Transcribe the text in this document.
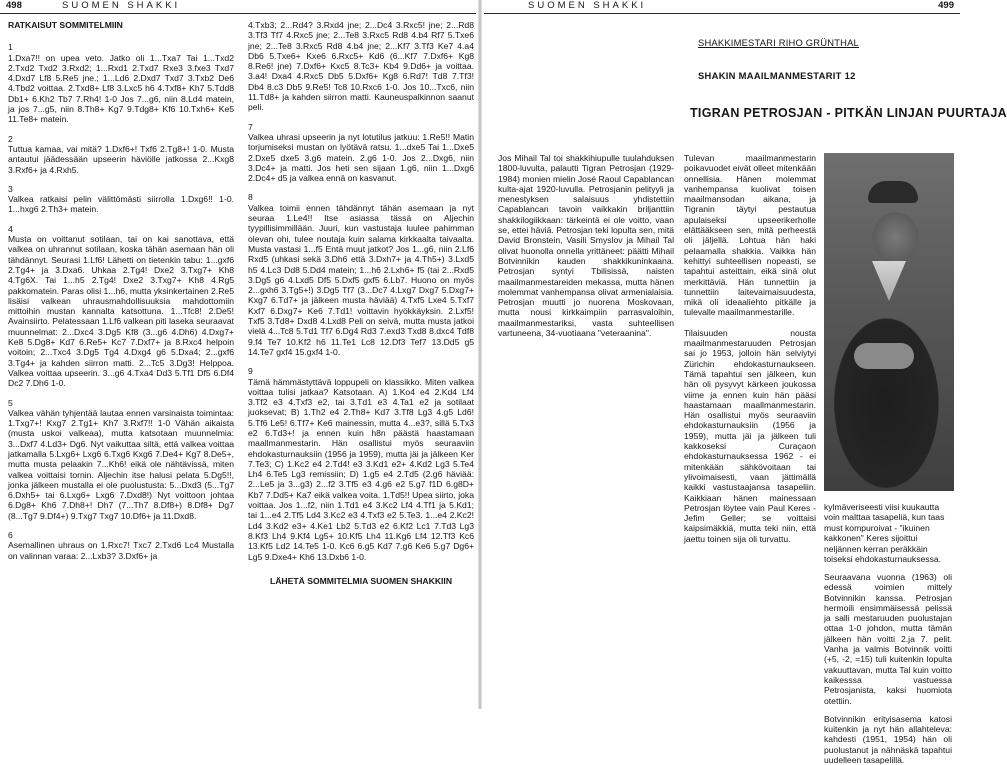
498	SUOMEN SHAKKI

RATKAISUT SOMMITELMIIN

1

1.Dxa7!! on upea veto. Jatko oli 1...Txa7 Tai 1...Txd2 2.Txd2 Txd2 3.Rxd2; 1...Rxd1 2.Txd7 Rxe3 3.fxe3 Txd7 4.Dxd7 Lf8 5.Re5 jne.; 1...Ld6 2.Dxd7 Txd7 3.Txb2 De6 4.Tbd2 voittaa. 2.Txd8+ Lf8 3.Lxc5 h6 4.Txf8+ Kh7 5.Tdd8 Db1+ 6.Kh2 Tb7 7.Rh4! 1-0 Jos 7...g6, niin 8.Ld4 matein, ja jos 7...g5, niin 8.Th8+ Kg7 9.Tdg8+ Kf6 10.Txh6+ Ke5 11.Te8+ matein.

2

Tuttua kamaa, vai mitä? 1.Dxf6+! Txf6 2.Tg8+! 1-0. Musta antautui jäädessään upseerin häviölle jatkossa 2...Kxg8 3.Rxf6+ ja 4.Rxh5.

3

Valkea ratkaisi pelin välittömästi siirrolla 1.Dxg6!! 1-0. 1...hxg6 2.Th3+ matein.

4

Musta on voittanut sotilaan, tai on kai sanottava, että valkea on uhrannut sotilaan, koska tähän asemaan hän oli tähdännyt. Seurasi 1.Lf6! Lähetti on tietenkin tabu: 1...gxf6 2.Tg4+ ja 3.Dxa6. Uhkaa 2.Tg4! Dxe2 3.Txg7+ Kh8 4.Tg6X. Tai 1...h5 2.Tg4! Dxe2 3.Txg7+ Kh8 4.Rg5 pakkomatein. Paras olisi 1...h6, mutta yksinkertainen 2.Re5 lisäisi valkean uhrausmahdollisuuksia mahdottomiin mittoihin mustan kannalta katsottuna. 1...Tfc8! 2.De5! Avainsiirto. Pelatessaan 1.Lf6 valkean piti laseka seuraavat muunnelmat: 2...Dxc4 3.Dg5 Kf8 (3...g6 4.Dh6) 4.Dxg7+ Ke8 5.Dg8+ Kd7 6.Re5+ Kc7 7.Dxf7+ ja 8.Rxc4 helpoin voitoin; 2...Txc4 3.Dg5 Tg4 4.Dxg4 g6 5.Dxa4; 2...gxf6 3.Tg4+ ja kahden siirron matti. 2...Tc5 3.Dg3! Helppoa. Valkea voittaa upseerin. 3...g6 4.Txa4 Dd3 5.Tf1 Df5 6.Df4 Dc2 7.Dh6 1-0.

5

Valkea vähän tyhjentää lautaa ennen varsinaista toimintaa: 1.Txg7+! Kxg7 2.Tg1+ Kh7 3.Rxf7!! 1-0 Vähän aikaista (musta uskoi valkeaa), mutta katsotaan muunnelmia: 3...Dxf7 4.Ld3+ Dg6. Nyt vaikuttaa siltä, että valkea voittaa jatkamalla 5.Lxg6+ Lxg6 6.Txg6 Kxg6 7.De4+ Kg7 8.De5+, mutta musta pelaakin 7...Kh6! eikä ole nähtävissä, miten valkea voittaisi tornin. Aljechin itse halusi pelata 5.Dg5!!, jonka jälkeen mustalla ei ole puolustusta: 5...Dxd3 (5...Tg7 6.Dxh5+ tai 6.Lxg6+ Lxg6 7.Dxd8!) Nyt voittoon johtaa 6.Dg8+ Kh6 7.Dh8+! Dh7 (7...Th7 8.Df8+) 8.Df8+ Dg7 (8...Tg7 9.Df4+) 9.Txg7 Txg7 10.Df6+ ja 11.Dxd8.

6

Asemallinen uhraus on 1.Rxc7! Txc7 2.Txd6 Lc4 Mustalla on valinnan varaa: 2...Lxb3? 3.Dxf6+ ja

4.Txb3; 2...Rd4? 3.Rxd4 jne; 2...Dc4 3.Rxc5! jne; 2...Rd8 3.Tf3 Tf7 4.Rxc5 jne; 2...Te8 3.Rxc5 Rd8 4.b4 Rf7 5.Txe6 jne; 2...Te8 3.Rxc5 Rd8 4.b4 jne; 2...Kf7 3.Tf3 Ke7 4.a4 Db6 5.Txe6+ Kxe6 6.Rxc5+ Kd6 (6...Kf7 7.Dxf6+ Kg8 8.Re6! jne) 7.Dxf6+ Kxc5 8.Tc3+ Kb4 9.Dd6+ ja voittaa. 3.a4! Dxa4 4.Rxc5 Db5 5.Dxf6+ Kg8 6.Rd7! Td8 7.Tf3! Db4 8.c3 Db5 9.Re5! Tc8 10.Rxc6 1-0. Jos 10...Txc6, niin 11.Td8+ ja kahden siirron matti. Kauneuspalkinnon saanut peli.

7

Valkea uhrasi upseerin ja nyt lotutilus jatkuu: 1.Re5!! Matin torjumiseksi mustan on lyötävä ratsu. 1...dxe5 Tai 1...Dxe5 2.Dxe5 dxe5 3.g6 matein. 2.g6 1-0. Jos 2...Dxg6, niin 3.Dc4+ ja matti. Jos heti sen sijaan 1.g6, niin 1...Dxg6 2.Dc4+ d5 ja valkea ennä on kasvanut.

8

Valkea toimii ennen tähdännyt tähän asemaan ja nyt seuraa 1.Le4!! Itse asiassa tässä on Aljechin tyypillisimmillään. Juuri, kun vastustaja luulee pahimman olevan ohi, tulee noutaja kuin salama kirkkaalta taivaalta. Musta vastasi 1...f5 Entä muut jatkot? Jos 1...g6, niin 2.Lf6 Rxd5 (uhkasi sekä 3.Dh6 että 3.Dxh7+ ja 4.Th5+) 3.Lxd5 h5 4.Lc3 Dd8 5.Dd4 matein; 1...h6 2.Lxh6+ f5 (tai 2...Rxd5 3.Dg5 g6 4.Lxd5 Df5 5.Dxf5 gxf5 6.Lb7. Huono on myös 2...gxh6 3.Tg5+!) 3.Dg5 Tf7 (3...Dc7 4.Lxg7 Dxg7 5.Dxg7+ Kxg7 6.Td7+ ja jälkeen musta häviää) 4.Txf5 Lxe4 5.Txf7 Kxf7 6.Dxg7+ Ke6 7.Td1! voittavin hyökkäyksin. 2.Lxf5! Txf5 3.Td8+ Dxd8 4.Lxd8 Peli on seivä, mutta musta jatkoi vielä 4...Tc8 5.Td1 Tf7 6.Dg4 Rd3 7.exd3 Txd8 8.dxc4 Tdf8 9.f4 Te7 10.Kf2 h6 11.Te1 Lc8 12.Df3 Tef7 13.Dd5 g5 14.Te7 gxf4 15.gxf4 1-0.

9

Tämä hämmästyttävä loppupeli on klassikko. Miten valkea voittaa tulisi jatkaa? Katsotaan. A) 1.Ko4 e4 2.Kd4 Lf4 3.Tf2 e3 4.Txf3 e2, tai 3.Td1 e3 4.Ta1 e2 ja sotilaat juoksevat; B) 1.Th2 e4 2.Th8+ Kd7 3.Tf8 Lg3 4.g5 Ld6! 5.Tf6 Le5! 6.Tf7+ Ke6 mainessin, mutta 4...e3?, sillä 5.Tx3 e2 6.Td3+! ja ennen kuin h8n päästä haastamaan maallmanmestarin. Hän osallistui myös seuraaviin ehdokasturnauksiin (1956 ja 1959), mutta jäi ja jälkeen Ker 7.Te3; C) 1.Kc2 e4 2.Td4! e3 3.Kd1 e2+ 4.Kd2 Lg3 5.Te4 Lh4 6.Te5 Lg3 remissiin; D) 1.g5 e4 2.Td5 (2.g6 häviää: 2...Le5 ja 3...g3) 2...f2 3.Tf5 e3 4.g6 e2 5.g7 f1D 6.g8D+ Kb7 7.Dd5+ Ka7 eikä valkea voita. 1.Td5!! Upea siirto, joka voittaa. Jos 1...f2, niin 1.Td1 e4 3.Kc2 Lf4 4.Tf1 ja 5.Kd1; tai 1...e4 2.Tf5 Ld4 3.Kc2 e3 4.Txf3 e2 5.Te3. 1...e4 2.Kc2! Ld4 3.Kd2 e3+ 4.Ke1 Lb2 5.Td3 e2 6.Kf2 Lc1 7.Td3 Lg3 8.Kf3 Lh4 9.Kf4 Lg5+ 10.Kf5 Lh4 11.Kg6 Lf4 12.Tf3 Kc6 13.Kf5 Ld2 14.Te5 1-0. Kc6 6.g5 Kd7 7.g6 Ke6 5.g7 Dg6+ Lg5 9.Dxe4+ Kh6 13.Dxb6 1-0.

LÄHETÄ SOMMITELMIA SUOMEN SHAKKIIN

SUOMEN SHAKKI	499
SHAKKIMESTARI RIHO GRÜNTHAL
SHAKIN MAAILMANMESTARIT 12
TIGRAN PETROSJAN - PITKÄN LINJAN PUURTAJA

Jos Mihail Tal toi shakkihiupulle tuulahduksen 1800-luvulta, palautti Tigran Petrosjan (1929-1984) monien mielin José Raoul Capablancan kulta-ajat 1920-luvulla. Petrosjanin pelityyli ja menestyksen salaisuus yhdistettiin Capablancan tavoin vaikkakin briljanttiin shakkilogiikkaan: tärkeintä ei ole voitto, vaan se, ettei häviä. Petrosjan teki lopulta sen, mitä David Bronstein, Vasili Smyslov ja Mihail Tal olivat huonolla onnella yrittäneet: päätti Mihail Botvinnikin kauden shakkikuninkaana. Petrosjan syntyi Tbilisissä, naisten maailmanmestareiden mekassa, mutta hänen molemmat vanhempansa olivat armenialaisia. Petrosjan muutti jo nuorena Moskovaan, mutta nousi kirkkaimpiin parrasvaloihin, maailmanmestariksi, vasta suhteellisen vartuneena, 34-vuotiaana "veteraanina".

Tulevan maailmanmestarin poikavuodet eivät olleet mitenkään onnellisia. Hänen molemmat vanhempansa kuolivat toisen maailmansodan aikana, ja Tigranin täytyi pestautua apulaiseksi upseerikerholle elättääkseen sen, mitä perheestä oli jäljellä. Lohtua hän haki pelaamalla shakkia. Vaikka hän kehittyi suhteellisen nopeasti, se tapahtui asteittain, eikä sinä olut merkittäviä. Hän tunnettiin ja tunnettiin laitevaimaisuudesta, mikä oli ideaaliehto pitkälle ja tulevalle maailmanmestarille.

Tilaisuuden nousta maailmanmestaruuden Petrosjan sai jo 1953, jolloin hän selviytyi Zürichin ehdokasturnaukseen. Tämä tapahtui sen jälkeen, kun hän oli pysyvyt kärkeen joukossa viime ja ennen kuin hän pääsi haastamaan maallmanmestarin. Hän osallistui myös seuraaviin ehdokasturnauksiin (1956 ja 1959), mutta jäi ja jälkeen tuli kakkoseksi Curaçaon ehdokasturnauksessa 1962 - ei mitenkään sähkövoitaan tai ylivoimaisesti, vaan jättimällä kaikki vastustaajansa tasapeliin. Kaikkiaan hänen mainessaan Petrosjan löytee vain Paul Keres - Jefim Geller; se voittaisi kaipsimäkkiä, mutta teki niin, että jaettu toinen sija oli turvattu.

kylmäveriseesti viisi kuukautta voin malttaa tasapeliä, kun taas must kompuroivat - "ikuinen kakkonen" Keres sijoittui neljännen kerran peräkkäin toiseksi ehdokasturnauksessa.

Seuraavana vuonna (1963) oli edessä voimien mittely Botvinnikin kanssa. Petrosjan hermoili ensimmäisessä pelissä ja salli mestaruuden puolustajan ottaa 1-0 johdon, mutta tämän jälkeen hän voitti 2.ja 7. pelit. Vanha ja valmis Botvinnik voitti (+5, -2, =15) tuli kuitenkin lopulta vakuuttavan, mutta Tal kuin voitto kaikesssa vastuessa Petrosjanista, kaksi huomiota otettiin.

Botvinnikin erityisasema katosi kuitenkin ja nyt hän allahteleva: kahdesti (1951, 1954) hän oli puolustanut ja nähnäskä tapahtui uudelleen tasapelillä.
